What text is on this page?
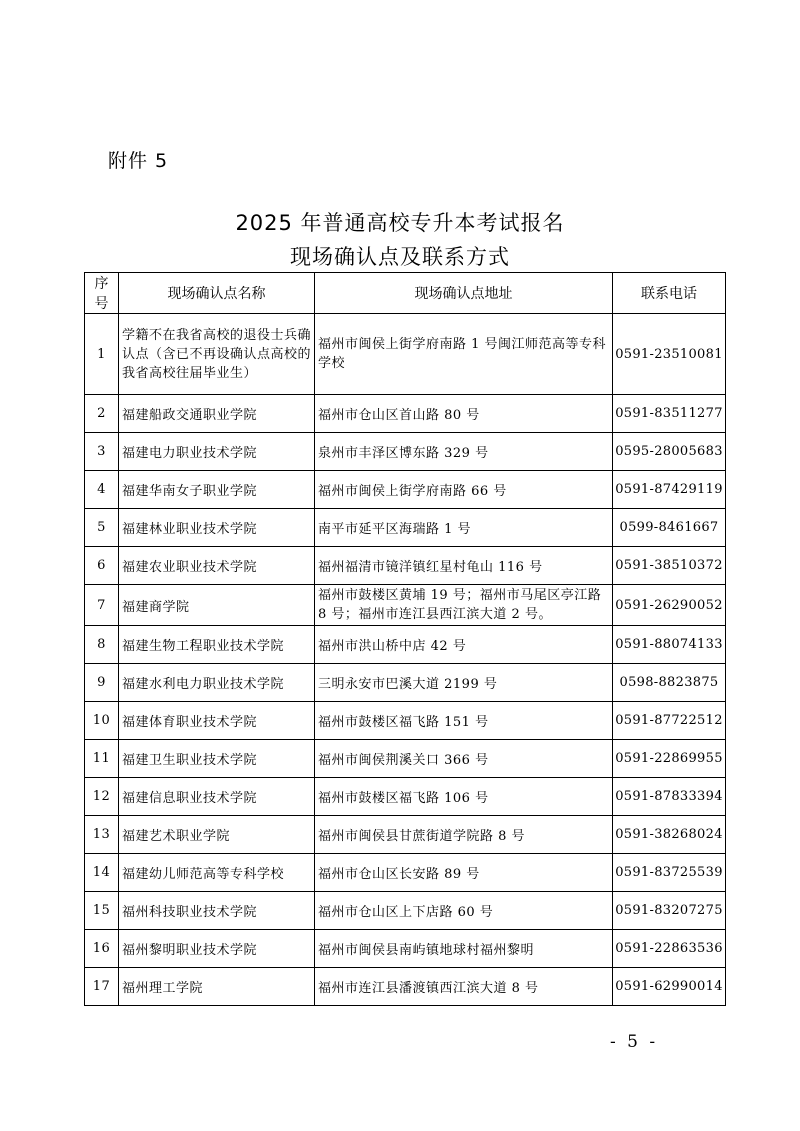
附件 5
2025 年普通高校专升本考试报名
现场确认点及联系方式
序号	现场确认点名称	现场确认点地址	联系电话
1	学籍不在我省高校的退役士兵确认点（含已不再设确认点高校的我省高校往届毕业生）	福州市闽侯上街学府南路 1 号闽江师范高等专科学校	0591-23510081
2	福建船政交通职业学院	福州市仓山区首山路 80 号	0591-83511277
3	福建电力职业技术学院	泉州市丰泽区博东路 329 号	0595-28005683
4	福建华南女子职业学院	福州市闽侯上街学府南路 66 号	0591-87429119
5	福建林业职业技术学院	南平市延平区海瑞路 1 号	0599-8461667
6	福建农业职业技术学院	福州福清市镜洋镇红星村龟山 116 号	0591-38510372
7	福建商学院	福州市鼓楼区黄埔 19 号；福州市马尾区亭江路 8 号；福州市连江县西江滨大道 2 号。	0591-26290052
8	福建生物工程职业技术学院	福州市洪山桥中店 42 号	0591-88074133
9	福建水利电力职业技术学院	三明永安市巴溪大道 2199 号	0598-8823875
10	福建体育职业技术学院	福州市鼓楼区福飞路 151 号	0591-87722512
11	福建卫生职业技术学院	福州市闽侯荆溪关口 366 号	0591-22869955
12	福建信息职业技术学院	福州市鼓楼区福飞路 106 号	0591-87833394
13	福建艺术职业学院	福州市闽侯县甘蔗街道学院路 8 号	0591-38268024
14	福建幼儿师范高等专科学校	福州市仓山区长安路 89 号	0591-83725539
15	福州科技职业技术学院	福州市仓山区上下店路 60 号	0591-83207275
16	福州黎明职业技术学院	福州市闽侯县南屿镇地球村福州黎明	0591-22863536
17	福州理工学院	福州市连江县潘渡镇西江滨大道 8 号	0591-62990014
- 5 -
